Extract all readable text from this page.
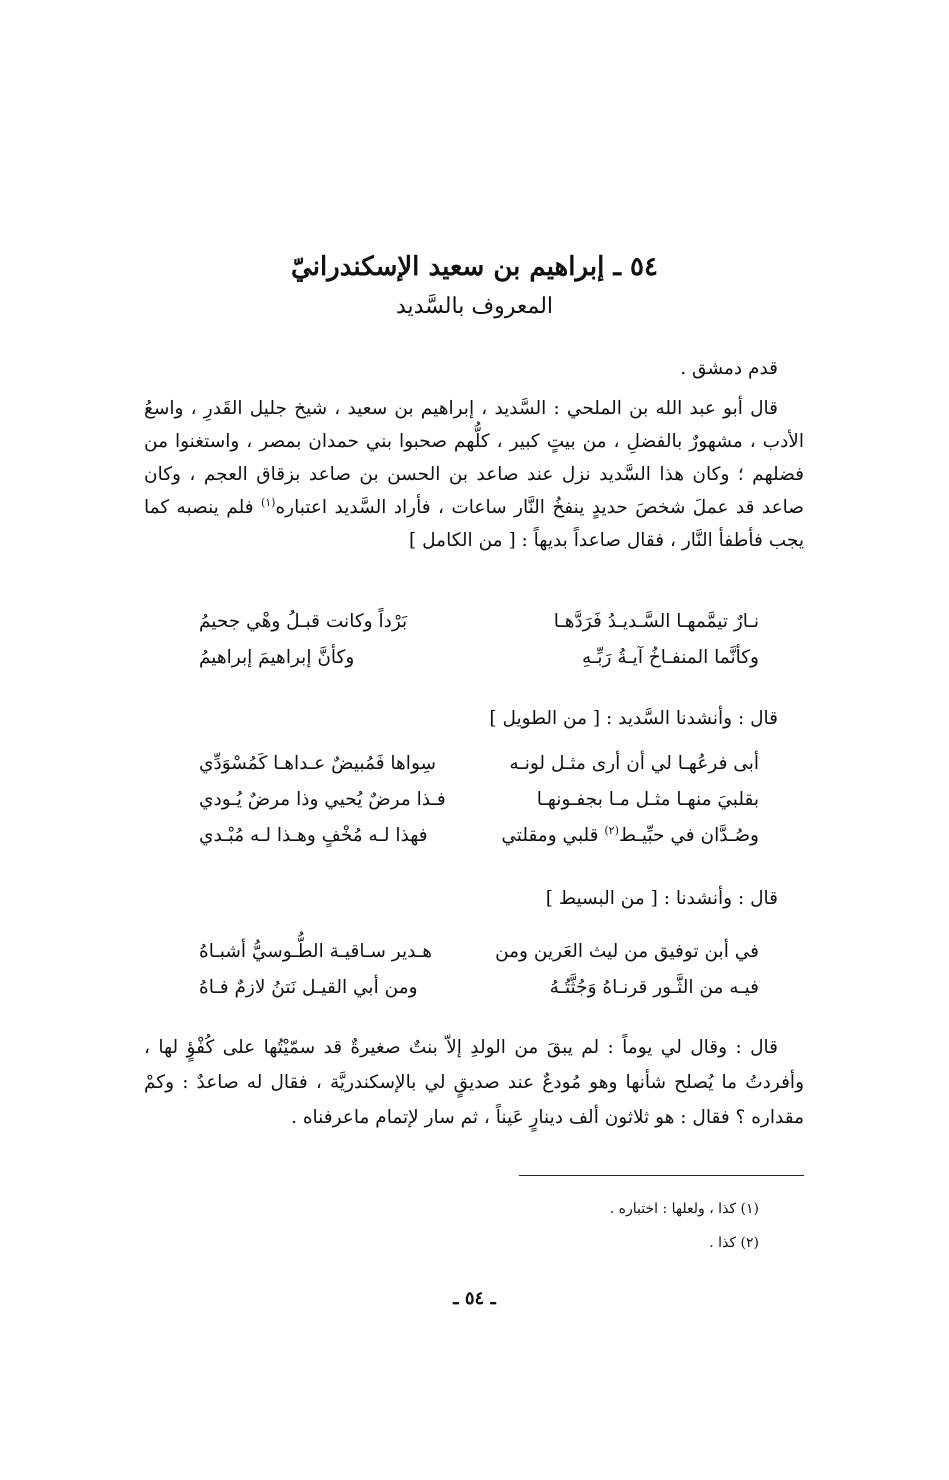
٥٤ ـ إبراهيم بن سعيد الإسكندرانيّ
المعروف بالسَّديد

قدم دمشق .

قال أبو عبد الله بن الملحي : السَّديد ، إبراهيم بن سعيد ، شيخ جليل القَدرِ ، واسعُ الأدب ، مشهورٌ بالفضلِ ، من بيتٍ كبير ، كلُّهم صحبوا بني حمدان بمصر ، واستغنوا من فضلهم ؛ وكان هذا السَّديد نزل عند صاعد بن الحسن بن صاعد بزقاق العجم ، وكان صاعد قد عملَ شخصَ حديدٍ ينفخُ النَّار ساعات ، فأراد السَّديد اعتباره$^{(١)}$ فلم ينصبه كما يجب فأطفأ النَّار ، فقال صاعداً بديهاً : [ من الكامل ]

نـارٌ تيمَّمهـا السَّـديـدُ فَرَدَّهـا
بَرْداً وكانت قبـلُ وهْي جحيمُ
وكأنَّما المنفـاخُ آيـةُ رَبِّـهِ
وكأنَّ إبراهيمَ إبراهيمُ

قال : وأنشدنا السَّديد : [ من الطويل ]

أبى فرعُهـا لي أن أرى مثـل لونـه
سِواها فَمُبيضٌ عـداهـا كَمُسْوَدِّي
بقلبيَ منهـا مثـل مـا بجفـونهـا
فـذا مرضٌ يُحيي وذا مرضٌ يُـودي
وصُـدَّان في حبِّيـط$^{(٢)}$ قلبي ومقلتي
فهذا لـه مُخْفٍ وهـذا لـه مُبْـدي

قال : وأنشدنا : [ من البسيط ]

في أبن توفيق من ليث العَرين ومن
هـدير سـاقيـة الطُّـوسيُّ أشبـاهُ
فيـه من الثَّـور قرنـاهُ وَجُثَّتُـهُ
ومن أبي القيـل نَتنُ لازمٌ فـاهُ

قال : وقال لي يوماً : لم يبقَ من الولدِ إلاّ بنتٌ صغيرةٌ قد سمّيْتُها على كُفْؤٍ لها ، وأفردتُ ما يُصلح شأنها وهو مُودعٌ عند صديقٍ لي بالإسكندريَّة ، فقال له صاعدٌ : وكمْ مقداره ؟ فقال : هو ثلاثون ألف دينارٍ عَيناً ، ثم سار لإتمام ماعرفناه .

(١) كذا ، ولعلها : اختباره .
(٢) كذا .
ـ ٥٤ ـ
